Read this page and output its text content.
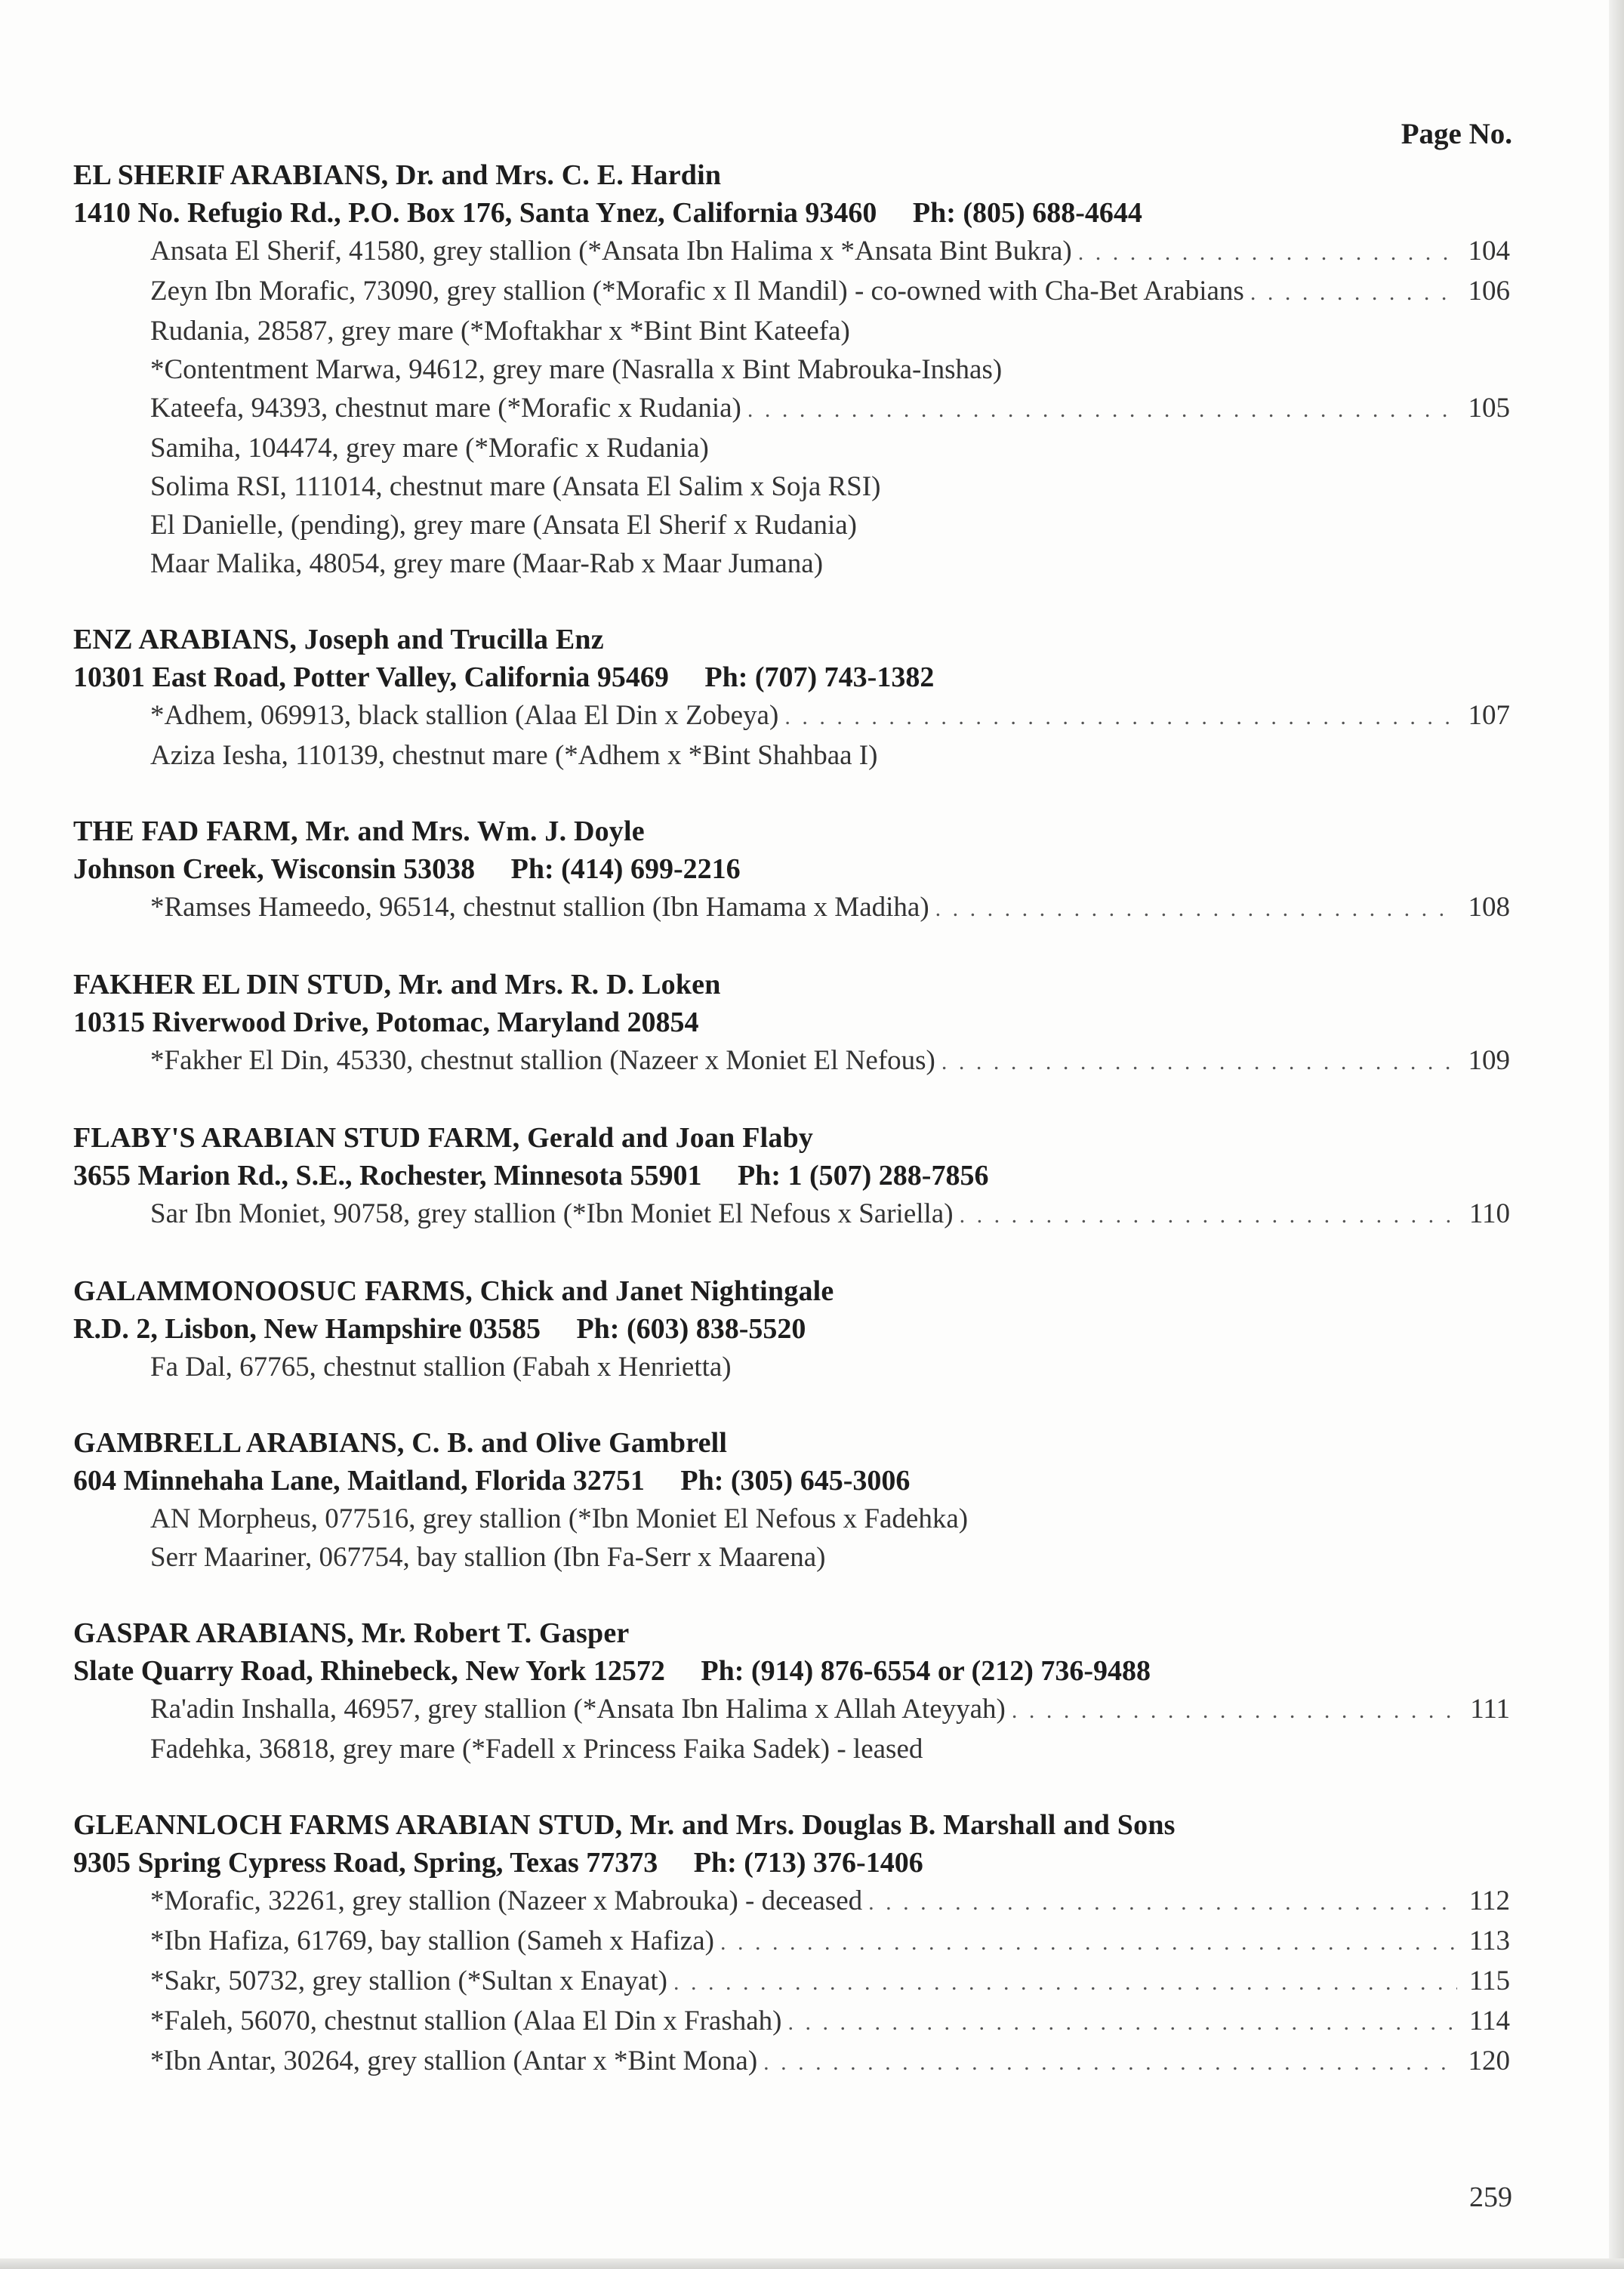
Page No.
EL SHERIF ARABIANS, Dr. and Mrs. C. E. Hardin
1410 No. Refugio Rd., P.O. Box 176, Santa Ynez, California 93460     Ph: (805) 688-4644
Ansata El Sherif, 41580, grey stallion (*Ansata Ibn Halima x *Ansata Bint Bukra) . . .	104
Zeyn Ibn Morafic, 73090, grey stallion (*Morafic x Il Mandil) - co-owned with Cha-Bet Arabians . . .	106
Rudania, 28587, grey mare (*Moftakhar x *Bint Bint Kateefa)
*Contentment Marwa, 94612, grey mare (Nasralla x Bint Mabrouka-Inshas)
Kateefa, 94393, chestnut mare (*Morafic x Rudania) . . .	105
Samiha, 104474, grey mare (*Morafic x Rudania)
Solima RSI, 111014, chestnut mare (Ansata El Salim x Soja RSI)
El Danielle, (pending), grey mare (Ansata El Sherif x Rudania)
Maar Malika, 48054, grey mare (Maar-Rab x Maar Jumana)
ENZ ARABIANS, Joseph and Trucilla Enz
10301 East Road, Potter Valley, California 95469     Ph: (707) 743-1382
*Adhem, 069913, black stallion (Alaa El Din x Zobeya) . . .	107
Aziza Iesha, 110139, chestnut mare (*Adhem x *Bint Shahbaa I)
THE FAD FARM, Mr. and Mrs. Wm. J. Doyle
Johnson Creek, Wisconsin 53038     Ph: (414) 699-2216
*Ramses Hameedo, 96514, chestnut stallion (Ibn Hamama x Madiha) . . .	108
FAKHER EL DIN STUD, Mr. and Mrs. R. D. Loken
10315 Riverwood Drive, Potomac, Maryland 20854
*Fakher El Din, 45330, chestnut stallion (Nazeer x Moniet El Nefous) . . .	109
FLABY'S ARABIAN STUD FARM, Gerald and Joan Flaby
3655 Marion Rd., S.E., Rochester, Minnesota 55901     Ph: 1 (507) 288-7856
Sar Ibn Moniet, 90758, grey stallion (*Ibn Moniet El Nefous x Sariella) . . .	110
GALAMMONOOSUC FARMS, Chick and Janet Nightingale
R.D. 2, Lisbon, New Hampshire 03585     Ph: (603) 838-5520
Fa Dal, 67765, chestnut stallion (Fabah x Henrietta)
GAMBRELL ARABIANS, C. B. and Olive Gambrell
604 Minnehaha Lane, Maitland, Florida 32751     Ph: (305) 645-3006
AN Morpheus, 077516, grey stallion (*Ibn Moniet El Nefous x Fadehka)
Serr Maariner, 067754, bay stallion (Ibn Fa-Serr x Maarena)
GASPAR ARABIANS, Mr. Robert T. Gasper
Slate Quarry Road, Rhinebeck, New York 12572     Ph: (914) 876-6554 or (212) 736-9488
Ra'adin Inshalla, 46957, grey stallion (*Ansata Ibn Halima x Allah Ateyyah) . . .	111
Fadehka, 36818, grey mare (*Fadell x Princess Faika Sadek) - leased
GLEANNLOCH FARMS ARABIAN STUD, Mr. and Mrs. Douglas B. Marshall and Sons
9305 Spring Cypress Road, Spring, Texas 77373     Ph: (713) 376-1406
*Morafic, 32261, grey stallion (Nazeer x Mabrouka) - deceased . . .	112
*Ibn Hafiza, 61769, bay stallion (Sameh x Hafiza) . . .	113
*Sakr, 50732, grey stallion (*Sultan x Enayat) . . .	115
*Faleh, 56070, chestnut stallion (Alaa El Din x Frashah) . . .	114
*Ibn Antar, 30264, grey stallion (Antar x *Bint Mona) . . .	120
259
